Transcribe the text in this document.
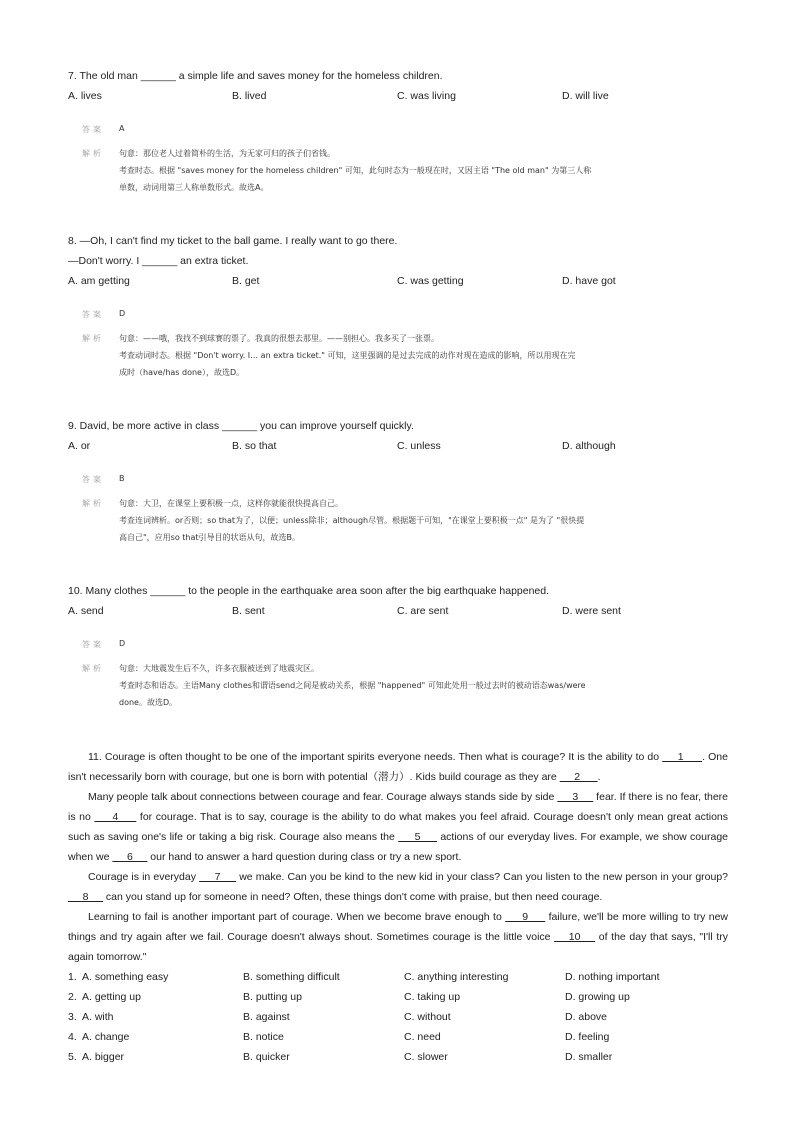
7. The old man ______ a simple life and saves money for the homeless children.
A. lives	B. lived	C. was living	D. will live
答案 A
解析 句意：那位老人过着简朴的生活，为无家可归的孩子们省钱。
考查时态。根据 "saves money for the homeless children" 可知，此句时态为一般现在时，又因主语 "The old man" 为第三人称
单数，动词用第三人称单数形式。故选A。
8. —Oh, I can't find my ticket to the ball game. I really want to go there.
—Don't worry. I ______ an extra ticket.
A. am getting	B. get	C. was getting	D. have got
答案 D
解析 句意：——哦，我找不到球赛的票了。我真的很想去那里。——别担心。我多买了一张票。
考查动词时态。根据 "Don't worry. I… an extra ticket." 可知，这里强调的是过去完成的动作对现在造成的影响，所以用现在完
成时（have/has done），故选D。
9. David, be more active in class ______ you can improve yourself quickly.
A. or	B. so that	C. unless	D. although
答案 B
解析 句意：大卫，在课堂上要积极一点，这样你就能很快提高自己。
考查连词辨析。or否则；so that为了，以便；unless除非；although尽管。根据题干可知，"在课堂上要积极一点" 是为了 "很快提
高自己"，应用so that引导目的状语从句，故选B。
10. Many clothes ______ to the people in the earthquake area soon after the big earthquake happened.
A. send	B. sent	C. are sent	D. were sent
答案 D
解析 句意：大地震发生后不久，许多衣服被送到了地震灾区。
考查时态和语态。主语Many clothes和谓语send之间是被动关系，根据 "happened" 可知此处用一般过去时的被动语态was/were
done。故选D。

11. Courage is often thought to be one of the important spirits everyone needs. Then what is courage? It is the ability to do      1      . One isn't necessarily born with courage, but one is born with potential（潜力）. Kids build courage as they are      2      .

Many people talk about connections between courage and fear. Courage always stands side by side      3      fear. If there is no fear, there is no      4      for courage. That is to say, courage is the ability to do what makes you feel afraid. Courage doesn't only mean great actions such as saving one's life or taking a big risk. Courage also means the      5      actions of our everyday lives. For example, we show courage when we      6      our hand to answer a hard question during class or try a new sport.

Courage is in everyday      7      we make. Can you be kind to the new kid in your class? Can you listen to the new person in your group?      8      can you stand up for someone in need? Often, these things don't come with praise, but then need courage.

Learning to fail is another important part of courage. When we become brave enough to      9      failure, we'll be more willing to try new things and try again after we fail. Courage doesn't always shout. Sometimes courage is the little voice     10     of the day that says, "I'll try again tomorrow."

1. A. something easy	B. something difficult	C. anything interesting	D. nothing important
2. A. getting up	B. putting up	C. taking up	D. growing up
3. A. with	B. against	C. without	D. above
4. A. change	B. notice	C. need	D. feeling
5. A. bigger	B. quicker	C. slower	D. smaller
